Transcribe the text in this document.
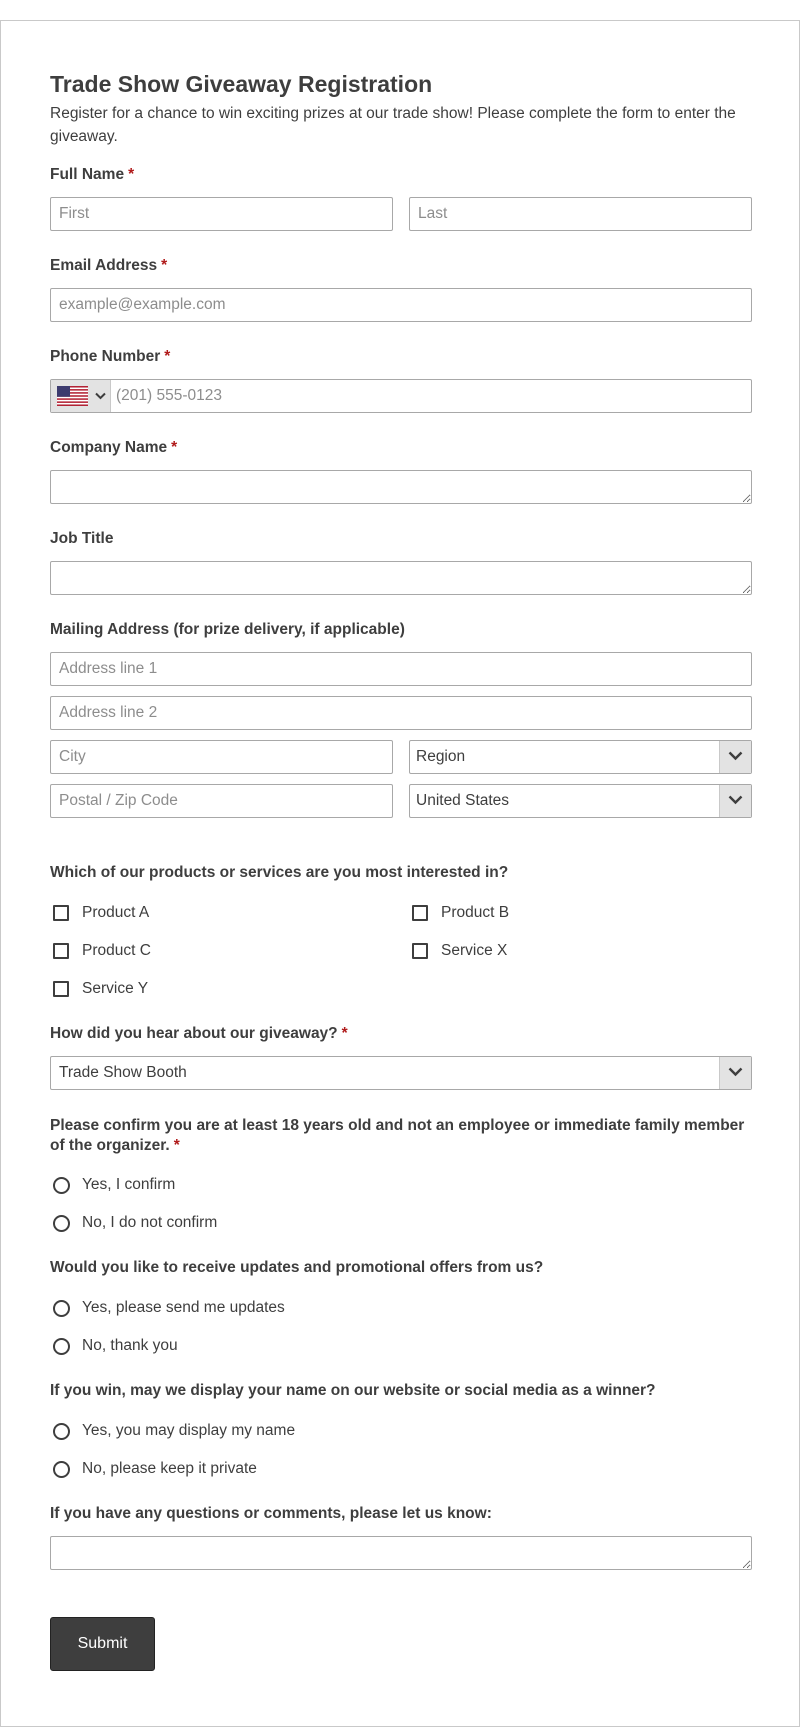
Trade Show Giveaway Registration

Register for a chance to win exciting prizes at our trade show! Please complete the form to enter the giveaway.

Full Name *
First
Last
Email Address *
example@example.com
Phone Number *
(201) 555-0123
Company Name *
Job Title
Mailing Address (for prize delivery, if applicable)
Address line 1
Address line 2
City
Region
Postal / Zip Code
United States
Which of our products or services are you most interested in?
Product A	Product B
Product C	Service X
Service Y
How did you hear about our giveaway? *
Trade Show Booth
Please confirm you are at least 18 years old and not an employee or immediate family member of the organizer. *
Yes, I confirm
No, I do not confirm
Would you like to receive updates and promotional offers from us?
Yes, please send me updates
No, thank you
If you win, may we display your name on our website or social media as a winner?
Yes, you may display my name
No, please keep it private
If you have any questions or comments, please let us know:
Submit
